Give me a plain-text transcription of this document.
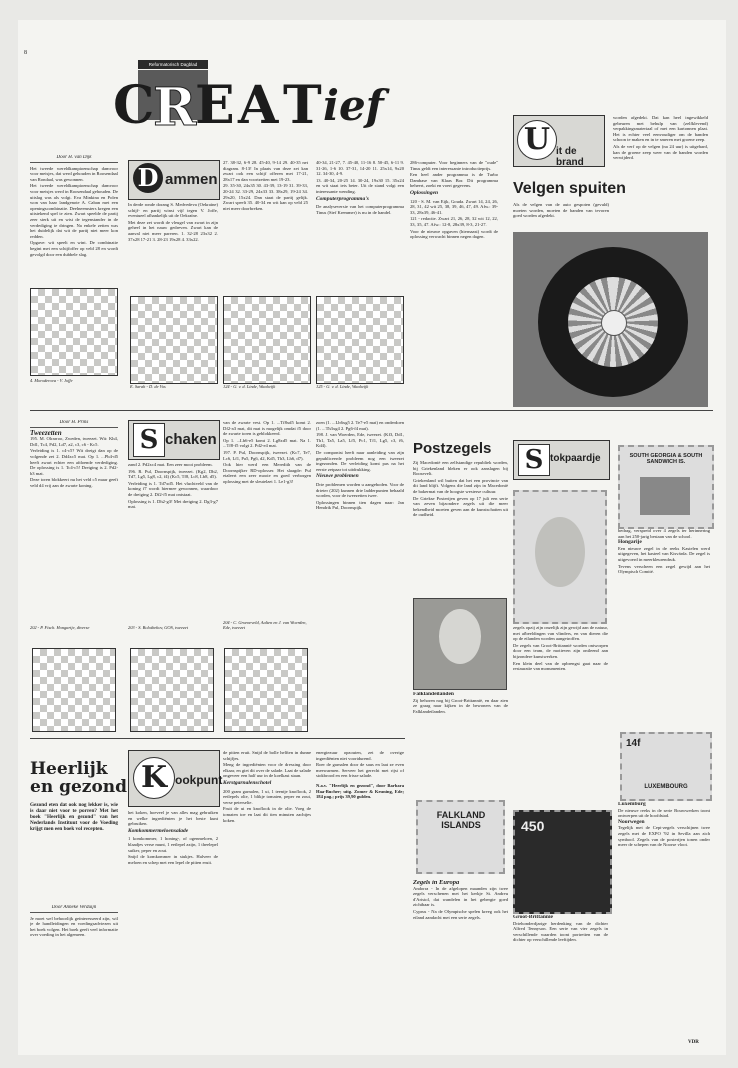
8
Reformatorisch Dagblad
C
R
E A T ief
Door H. van Dijk

Het tweede wereldkampioenschap damvoor voor meisjes, dat werd gehouden in Roosendaal van Rondaal, was gewonnen.

Het tweede wereldkampioenschap damvoor voor meisjes werd in Roosendaal gehouden. De uitslag was als volgt. Eva Minkina en Polen won van haar landgenote A. Caban met een openingscombinatie. Deelneemsters kregen een uitstekend spel te zien. Zwart speelde de partij zeer sterk uit en wist de tegenstander in de verdediging te dringen. Na enkele zetten was het duidelijk dat wit de partij niet meer kon redden.

Opgave: wit speelt en wint. De combinatie begint met een schijfoffer op veld 28 en wordt gevolgd door een dubbele slag.

4. Moroderova - V. Joffe
D ammen

In derde ronde dorang S. Medvedeva (Oekraïne) schijf- en partij winst vijf tegen V. Joffe, eventueel afhankelijk uit de Oekraïne.

Met deze zet wordt de vleugel van zwart in zijn geheel in het nauw gedreven. Zwart kan de aanval niet meer pareren. 1. 32-28 23x32 2. 37x28 17-21 3. 28-23 19x28 4. 33x22.

E. Sarah - D. de Vos

27. 38-32, 6-9 28. 45-40, 9-14 29. 40-35 net diagram. 8-13! In plaats van deze zet kan zwart ook een schijf offeren met 17-21, 28x17 en dan voortzetten met 19-23.

29. 35-30, 24x35 30. 43-39, 13-19 31. 39-33, 20-24 32. 33-29, 24x33 33. 38x29, 19-24 34. 29x20, 15x24. Dan staat de partij gelijk. Zwart speelt 35. 40-34 en wit kan op veld 25 niet meer doorbreken.

124 - G. v. d. Linde, Waalwijk

40-34, 21-27, 7. 45-40, 11-16 8. 50-45, 6-11 9. 31-26, 1-6 10. 37-31, 14-20 11. 25x14, 9x20 12. 34-30, 4-9.

13. 40-34, 20-25 14. 30-24, 19x30 15. 35x24 en wit staat iets beter. Uit de stand volgt een interessante wending.

Computerprogramma's

De analyseversie van het computerprogramma Tinus (Sief Kremmer) is nu in de handel.

125 - G. v. d. Linde, Waalwijk

286-computer. Voor beginners van de "oude" Tinus geldt een interessante introductieprijs.

Een heel ander programma is de Turbo Dambase van Klaas Bor. Dit programma beheert, zoekt en voert gegevens.

Oplossingen

120 - S. M. van Eijk, Gouda. Zwart 14, 24, 26, 28, 31, 42 wit 25, 38, 39, 46, 47, 49. Afw.: 39-33, 28x39, 46-41.

121 - redactie. Zwart 21, 26, 28, 32 wit 12, 22, 33, 35, 47. Afw.: 12-8, 28x39, 8-3, 21-27.

Voor de nieuwe opgaven (hiernaast) wordt de oplossing verwacht binnen negen dagen.

U it de brand
Velgen spuiten
Als de velgen van de auto gespoten (gevuld) moeten worden, moeten de banden van tevoren goed worden afgedekt.

worden afgedekt. Dat kan heel ingewikkeld gebeuren met behulp van (zelfklevend) verpakkingsmateriaal of met een kartonnen plaat. Het is echter veel eenvoudiger om de banden schoon te maken en in te smeren met groene zeep.

Als de verf op de velgen (na 24 uur) is uitgehard, kan de groene zeep weer van de banden worden verwijderd.

Door H. Prins
Tweezetten

195. M. Olrarroo, Zweden, tweezet. Wit: Kh4, Dd1, Tc4, Pd2, Ld7, a2, c3, c6 - Kc5.

Verleiding is 1. c4-c5? Wit dreigt dan op de volgende zet 2. Dd4xc5 mat. Op 1. ...Pb4-d5 heeft zwart echter een afdoende verdediging. De oplossing is 1. Tc4-c5! Dreiging is 2. Pd2-b3 mat.

Deze toren blokkeert nu het veld c5 maar geeft veld d4 vrij aan de zwarte koning.

202 - P. Fisch. Hongarije, diverse
S chaken

zand 2. Pd2xc4 mat. Een zeer mooi probleem.

196. R. Pul, Doornspijk, tweezet. (Kg2, Dh2, Td7, Lg5, Lg8, c2, f4) (Kc5, Tf8, Lc8, Lb8, d5).

Verleiding is 1. Td7xd5. Het vluchtveld van de koning f7 wordt hiermee gewonnen, waardoor de dreiging 2. Df2-f5 mat ontstaat.

Oplossing is 1. Dh2-g3! Met dreiging 2. Dg3-g7 mat.

203 - S. Bolotbekov, GOS, tweezet

van de zwarte vest. Op 1. ...Tf8xd5 komt 2. Df2-a3 mat, dit mat is mogelijk omdat f5 door de zwarte toren is geblokkeerd.

Op 1. ...Lb6-e5 komt 2. Lg8xd5 mat. Na 1. ...Tf8-f5 volgt 2. Pd2-e4 mat.

197. P. Pul, Doornspijk, tweezet. (Kc7, Te7, Lc6, Lf1, Pa5, Pg6, d2, Kd5, Th3, Lh6, d7).

Ook hier werd een Meredith van de Doornspijker RD-oplosser. Het slaagde: Pul etaleert een zeer mooie en goed verborgen oplossing met de sleutelzet 1. Le1-g3!

204 - C. Groeneveld, Aalten en J. van Woerden, Ede, tweezet

zoen (1. ...Lh6xg5 2. Te7-e5 mat) en onderdoen (1. ...Th3xg4 2. Pg6-f4 mat).

198. J. van Woerden, Ede, tweezet. (Kf3, Dd1, Th1, Ta5, La5, Lf5, Pc1, Tf1, Lg5, c3, f6, Kd4).

De componist heeft naar aanleiding van zijn gepubliceerde probleem nog een tweezet ingezonden. De verleiding komt pas na het eerste zetpaar tot uitdrukking.

Nieuwe problemen

Drie problemen worden u aangeboden. Voor de drieter (202) kunnen drie ladderpunten behaald worden, voor de tweezetten twee.

Oplossingen binnen tien dagen naar: Jan Hendrik Pul, Doornspijk.

Postzegels

Zij Macedonië een zelfstandige republiek worden, bij Griekenland bleken er ook aanslagen bij Roosevelt.

Griekenland wil buiten dat het een provincie van dit land blijft. Volgens die land zijn in Macedonië de bakermat van de hoogste westerse cultuur.

De Griekse Posterijen geven op 17 juli een serie van zeven bijzondere zegels uit die meer bekendheid moeten geven aan de kunstschatten uit de oudheid.

Falklandeilanden

Zij behoren nog bij Groot-Brittannië, en daar zien ze graag naar kijken in de bewoners van de Falklandeilanden.

FALKLAND ISLANDS
Zegels in Europa

Andorra - In de afgelopen maanden zijn twee zegels verschenen met het kerkje St. Andreu d'Aristol, dat wandelen in het gebergte goed zichtbaar is.

Cyprus - Na de Olympische spelen kreeg ook het eiland aandacht met een serie zegels.

S tokpaardje

zegels opzij zijn onzelijk zijn gewijd aan de natuur, met afbeeldingen van vlinders, en van dieren die op de eilanden worden aangetroffen.

De zegels van Groot-Brittannië worden ontworpen door een team, de motieven zijn ontleend aan bijzondere kunstwerken.

Een klein deel van de opbrengst gaat naar de restauratie van monumenten.

450
Groot-Brittannië

Driehonderdjarige herdenking van de dichter Alfred Tennyson. Een serie van vier zegels in verschillende waarden toont portretten van de dichter op verschillende leeftijden.

SOUTH GEORGIA & SOUTH SANDWICH IS.

bedrag, verspreid over 4 zegels ter herinnering aan het 250-jarig bestaan van de school.

Hongarije

Een nieuwe zegel in de reeks Kastelen werd uitgegeven, het kasteel van Kisvárda. De zegel is uitgevoerd in meerkleurendruk.

Tevens verscheen een zegel gewijd aan het Olympisch Comité.

14f
LUXEMBOURG
Luxemburg

De nieuwe reeks in de serie Bouwwerken toont ontwerpen uit de hoofdstad.

Noorwegen

Tegelijk met de Cept-zegels verschijnen twee zegels met de EXPO '92 in Sevilla aan zich symbool. Zegels van de posterijen tonen onder meer de schepen van de Noorse vloot.

VDR
Heerlijk
en gezond
Gezond eten dat ook nog lekker is, wie is daar niet voor te porren? Met het boek "Heerlijk en gezond" van het Nederlands Instituut voor de Voeding krijgt men een boek vol recepten.
Door Anneke Verduijn

Je moet wel behoorlijk geïnteresseerd zijn, wil je de handleidingen en voedingsadviezen uit het boek volgen. Het boek geeft veel informatie over voeding in het algemeen.

K ookpunt

het koken, hoeveel je van alles mag gebruiken en welke ingrediënten je het beste kunt gebruiken.

Komkommermeloensalade

1 komkommer, 1 honing-, of ogenmeloen, 2 blaadjes verse munt, 1 eetlepel azijn, 1 theelepel suiker, peper en zout.

Snijd de komkommer in stukjes. Halveer de meloen en schep met een lepel de pitten eruit.

de pitten eruit. Snijd de bolle helften in dunne schijfjes.

Meng de ingrediënten voor de dressing door elkaar, en giet dit over de salade. Laat de salade ongeveer een half uur in de koelkast staan.

Kerstgarnalenschotel

200 gram garnalen, 1 ui, 1 teentje knoflook, 2 eetlepels olie, 1 blikje tomaten, peper en zout, verse peterselie.

Fruit de ui en knoflook in de olie. Voeg de tomaten toe en laat dit tien minuten zachtjes koken.

energiezuur opzouten, zet de overige ingrediënten niet voortdurend.

Roer de garnalen door de saus en laat ze even meewarmen. Serveer het gerecht met rijst of stokbrood en een frisse salade.

N.a.v. "Heerlijk en gezond", door Barbara Haa-Bucher; uitg. Zomer & Keuning, Ede; 184 pag.; prijs 39,90 gulden.
